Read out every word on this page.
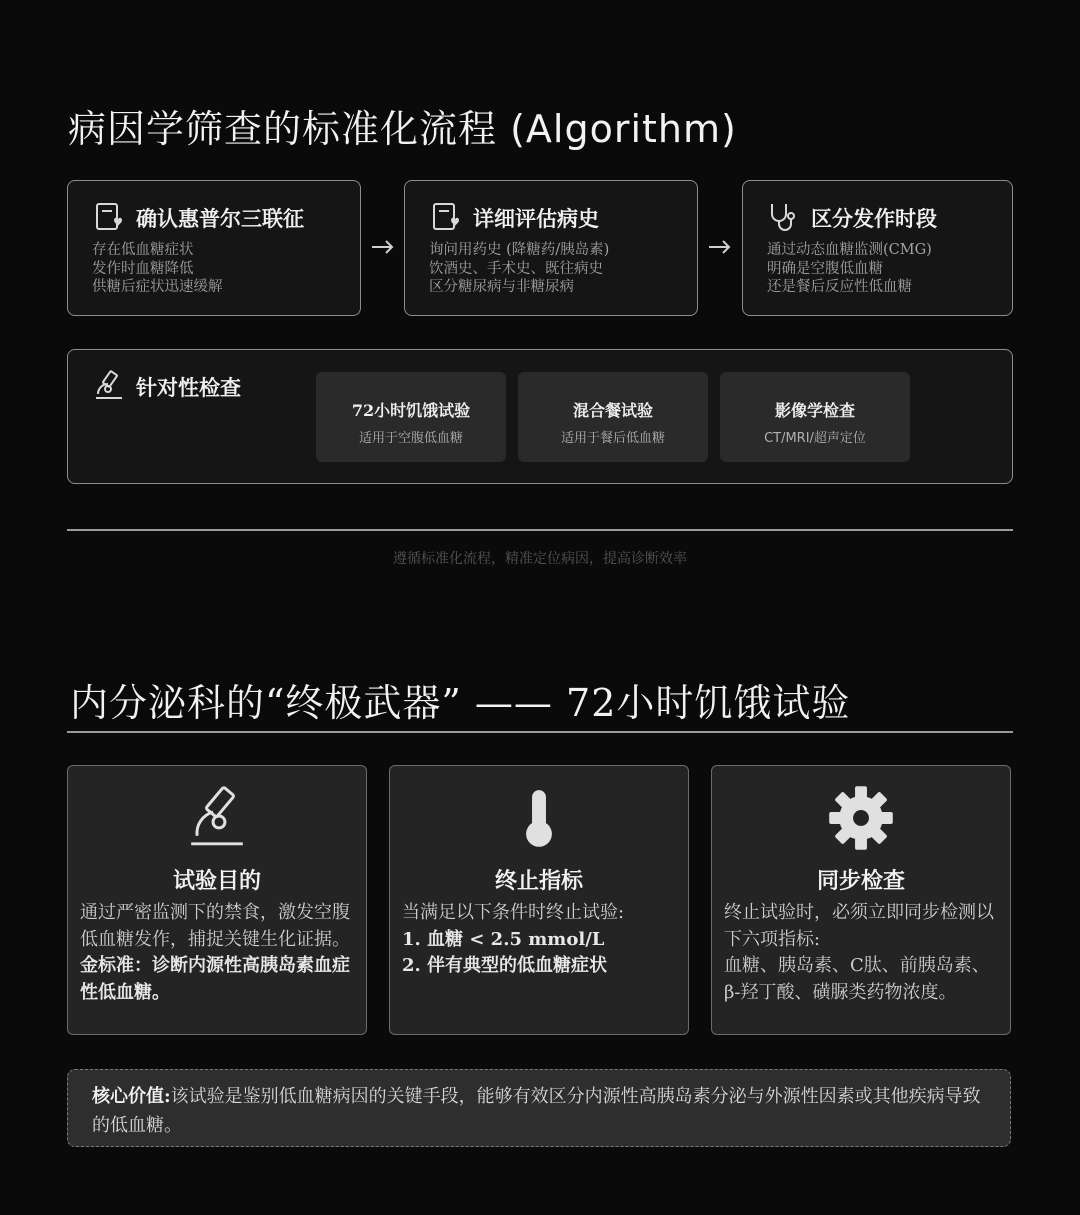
病因学筛查的标准化流程 (Algorithm)
确认惠普尔三联征
存在低血糖症状
发作时血糖降低
供糖后症状迅速缓解
详细评估病史
询问用药史 (降糖药/胰岛素)
饮酒史、手术史、既往病史
区分糖尿病与非糖尿病
区分发作时段
通过动态血糖监测(CMG)
明确是空腹低血糖
还是餐后反应性低血糖
针对性检查
72小时饥饿试验
适用于空腹低血糖
混合餐试验
适用于餐后低血糖
影像学检查
CT/MRI/超声定位
遵循标准化流程，精准定位病因，提高诊断效率
内分泌科的“终极武器” —— 72小时饥饿试验
试验目的
通过严密监测下的禁食，激发空腹低血糖发作，捕捉关键生化证据。
金标准：诊断内源性高胰岛素血症性低血糖。
终止指标
当满足以下条件时终止试验:
1. 血糖 < 2.5 mmol/L
2. 伴有典型的低血糖症状
同步检查
终止试验时，必须立即同步检测以下六项指标:
血糖、胰岛素、C肽、前胰岛素、β-羟丁酸、磺脲类药物浓度。
核心价值:该试验是鉴别低血糖病因的关键手段，能够有效区分内源性高胰岛素分泌与外源性因素或其他疾病导致的低血糖。
